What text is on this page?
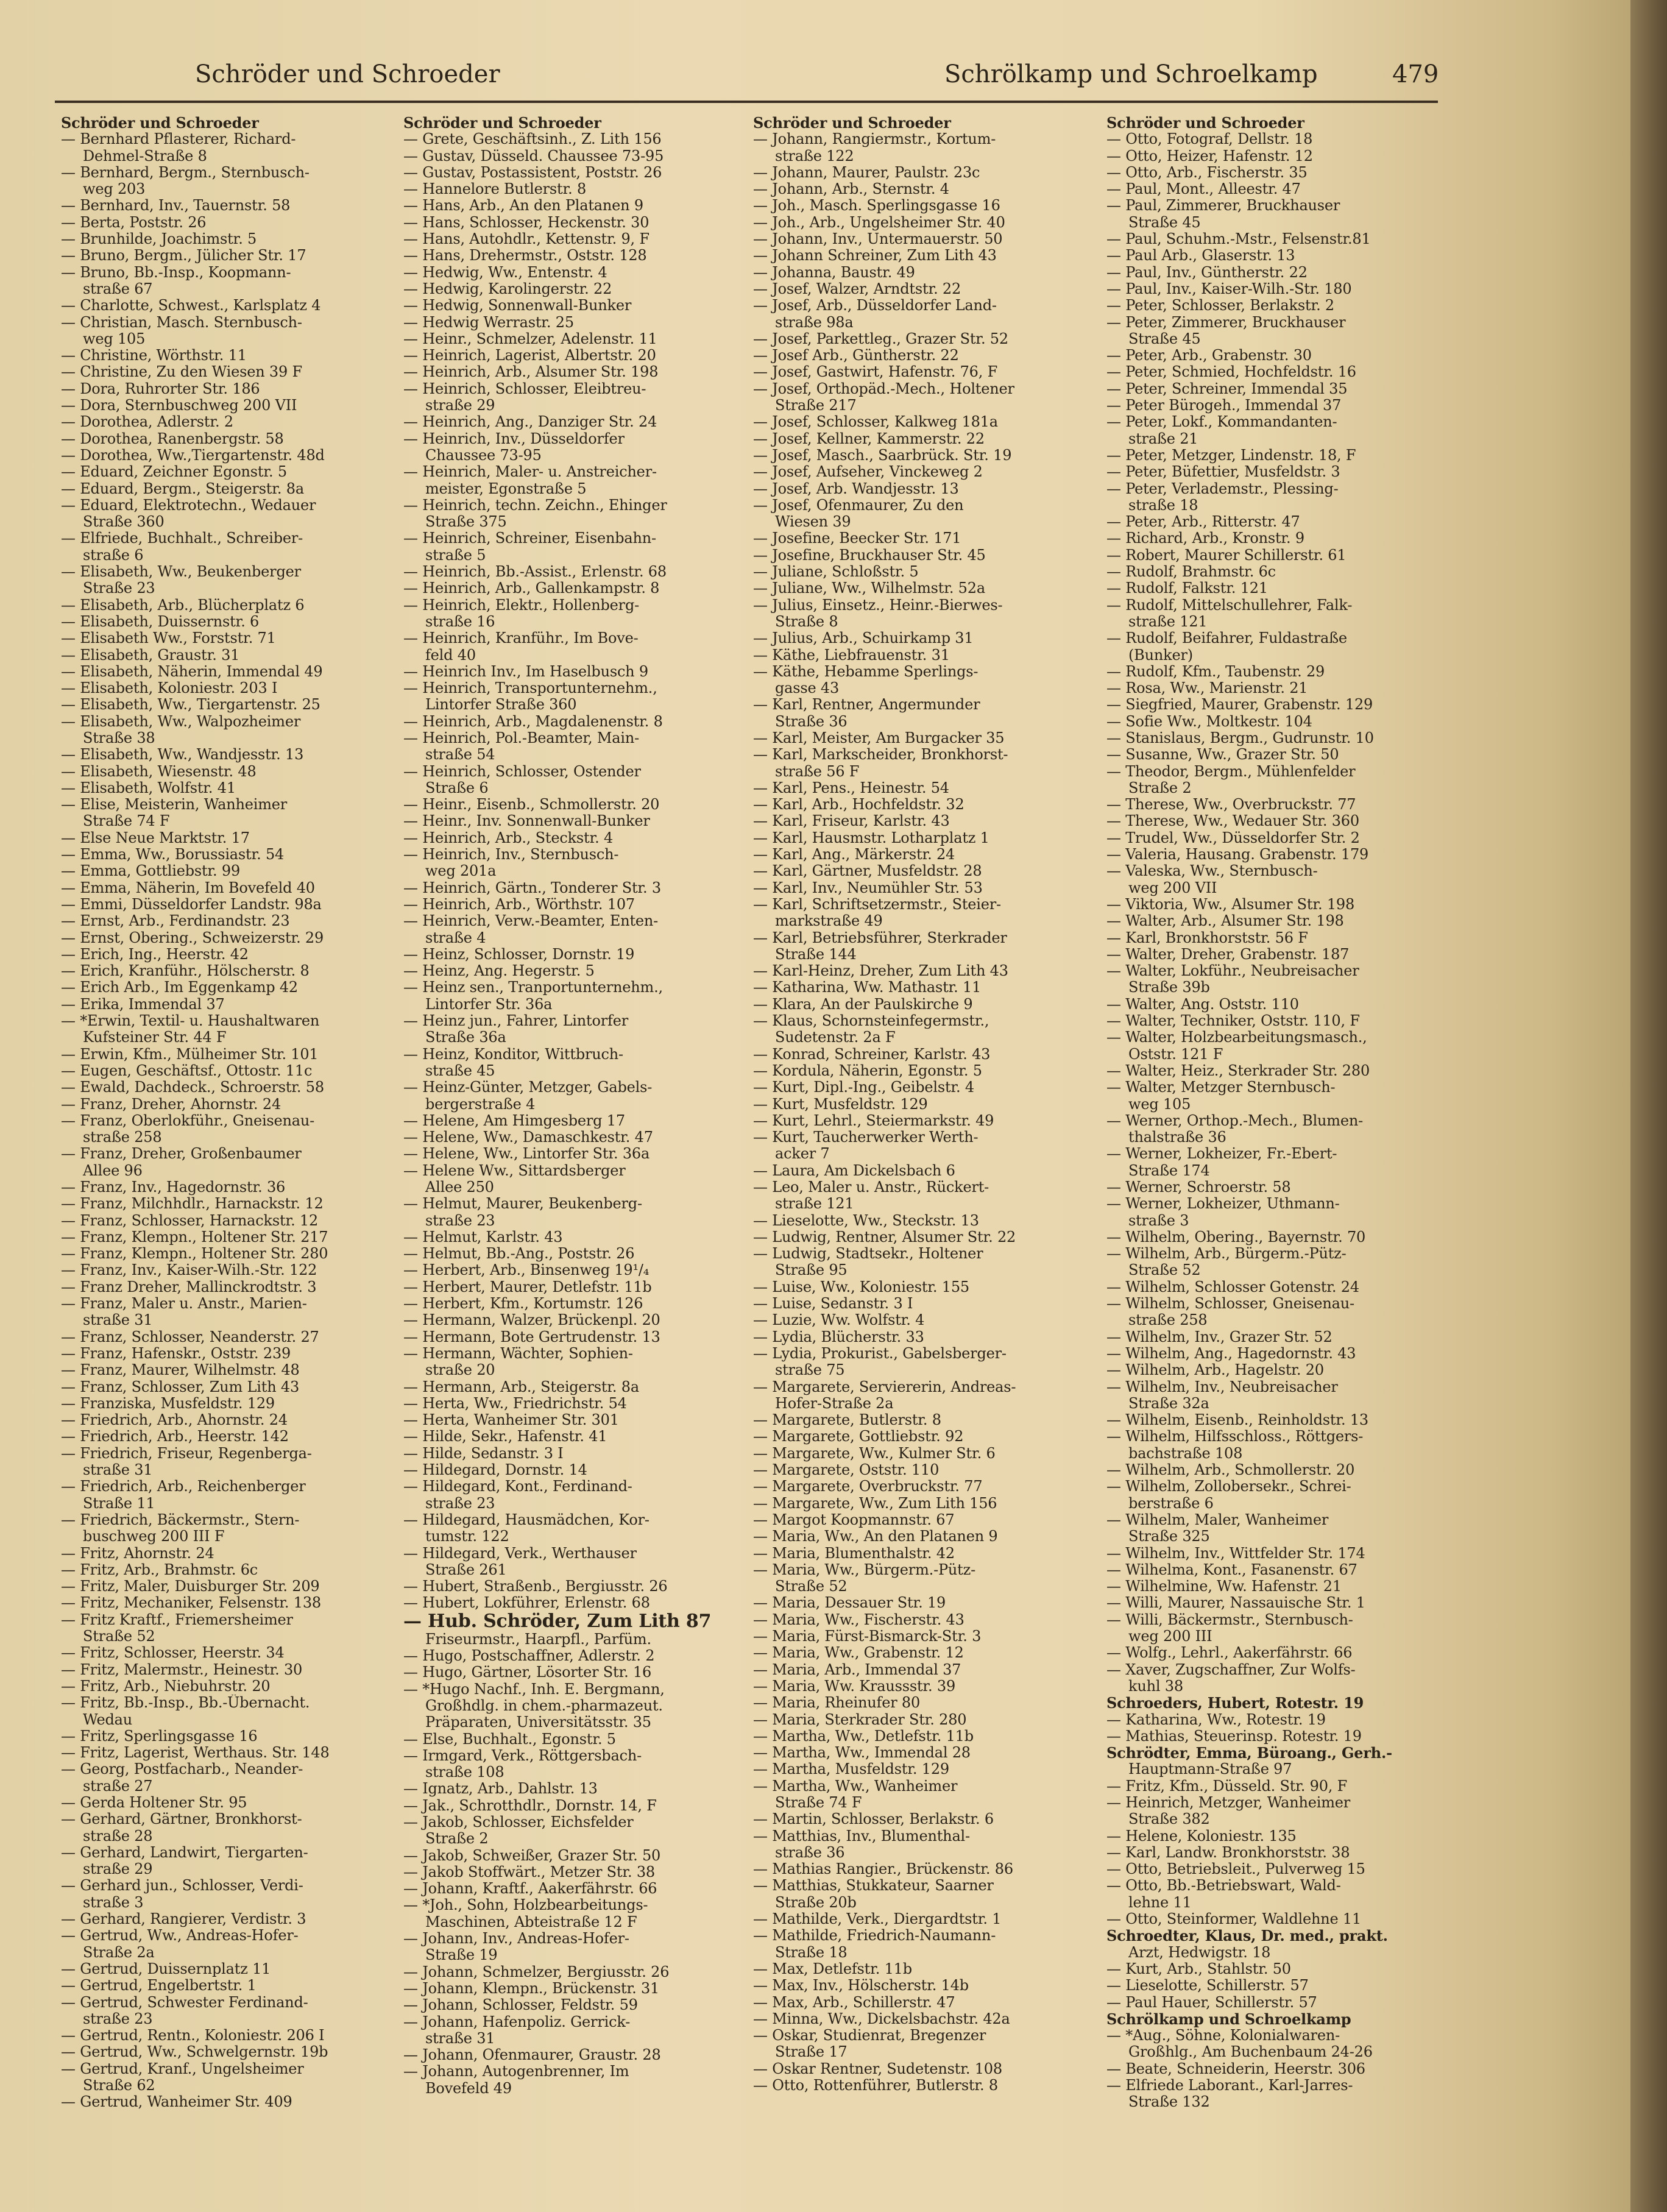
Schröder und Schroeder	Schrölkamp und Schroelkamp	479
Schröder und Schroeder
— Bernhard Pflasterer, Richard-
Dehmel-Straße 8
— Bernhard, Bergm., Sternbusch-
weg 203
— Bernhard, Inv., Tauernstr. 58
— Berta, Poststr. 26
— Brunhilde, Joachimstr. 5
— Bruno, Bergm., Jülicher Str. 17
— Bruno, Bb.-Insp., Koopmann-
straße 67
— Charlotte, Schwest., Karlsplatz 4
— Christian, Masch. Sternbusch-
weg 105
— Christine, Wörthstr. 11
— Christine, Zu den Wiesen 39 F
— Dora, Ruhrorter Str. 186
— Dora, Sternbuschweg 200 VII
— Dorothea, Adlerstr. 2
— Dorothea, Ranenbergstr. 58
— Dorothea, Ww.,Tiergartenstr. 48d
— Eduard, Zeichner Egonstr. 5
— Eduard, Bergm., Steigerstr. 8a
— Eduard, Elektrotechn., Wedauer
Straße 360
— Elfriede, Buchhalt., Schreiber-
straße 6
— Elisabeth, Ww., Beukenberger
Straße 23
— Elisabeth, Arb., Blücherplatz 6
— Elisabeth, Duissernstr. 6
— Elisabeth Ww., Forststr. 71
— Elisabeth, Graustr. 31
— Elisabeth, Näherin, Immendal 49
— Elisabeth, Koloniestr. 203 I
— Elisabeth, Ww., Tiergartenstr. 25
— Elisabeth, Ww., Walpozheimer
Straße 38
— Elisabeth, Ww., Wandjesstr. 13
— Elisabeth, Wiesenstr. 48
— Elisabeth, Wolfstr. 41
— Elise, Meisterin, Wanheimer
Straße 74 F
— Else Neue Marktstr. 17
— Emma, Ww., Borussiastr. 54
— Emma, Gottliebstr. 99
— Emma, Näherin, Im Bovefeld 40
— Emmi, Düsseldorfer Landstr. 98a
— Ernst, Arb., Ferdinandstr. 23
— Ernst, Obering., Schweizerstr. 29
— Erich, Ing., Heerstr. 42
— Erich, Kranführ., Hölscherstr. 8
— Erich Arb., Im Eggenkamp 42
— Erika, Immendal 37
— *Erwin, Textil- u. Haushaltwaren
Kufsteiner Str. 44 F
— Erwin, Kfm., Mülheimer Str. 101
— Eugen, Geschäftsf., Ottostr. 11c
— Ewald, Dachdeck., Schroerstr. 58
— Franz, Dreher, Ahornstr. 24
— Franz, Oberlokführ., Gneisenau-
straße 258
— Franz, Dreher, Großenbaumer
Allee 96
— Franz, Inv., Hagedornstr. 36
— Franz, Milchhdlr., Harnackstr. 12
— Franz, Schlosser, Harnackstr. 12
— Franz, Klempn., Holtener Str. 217
— Franz, Klempn., Holtener Str. 280
— Franz, Inv., Kaiser-Wilh.-Str. 122
— Franz Dreher, Mallinckrodtstr. 3
— Franz, Maler u. Anstr., Marien-
straße 31
— Franz, Schlosser, Neanderstr. 27
— Franz, Hafenskr., Oststr. 239
— Franz, Maurer, Wilhelmstr. 48
— Franz, Schlosser, Zum Lith 43
— Franziska, Musfeldstr. 129
— Friedrich, Arb., Ahornstr. 24
— Friedrich, Arb., Heerstr. 142
— Friedrich, Friseur, Regenberga-
straße 31
— Friedrich, Arb., Reichenberger
Straße 11
— Friedrich, Bäckermstr., Stern-
buschweg 200 III F
— Fritz, Ahornstr. 24
— Fritz, Arb., Brahmstr. 6c
— Fritz, Maler, Duisburger Str. 209
— Fritz, Mechaniker, Felsenstr. 138
— Fritz Kraftf., Friemersheimer
Straße 52
— Fritz, Schlosser, Heerstr. 34
— Fritz, Malermstr., Heinestr. 30
— Fritz, Arb., Niebuhrstr. 20
— Fritz, Bb.-Insp., Bb.-Übernacht.
Wedau
— Fritz, Sperlingsgasse 16
— Fritz, Lagerist, Werthaus. Str. 148
— Georg, Postfacharb., Neander-
straße 27
— Gerda Holtener Str. 95
— Gerhard, Gärtner, Bronkhorst-
straße 28
— Gerhard, Landwirt, Tiergarten-
straße 29
— Gerhard jun., Schlosser, Verdi-
straße 3
— Gerhard, Rangierer, Verdistr. 3
— Gertrud, Ww., Andreas-Hofer-
Straße 2a
— Gertrud, Duissernplatz 11
— Gertrud, Engelbertstr. 1
— Gertrud, Schwester Ferdinand-
straße 23
— Gertrud, Rentn., Koloniestr. 206 I
— Gertrud, Ww., Schwelgernstr. 19b
— Gertrud, Kranf., Ungelsheimer
Straße 62
— Gertrud, Wanheimer Str. 409
Schröder und Schroeder
— Grete, Geschäftsinh., Z. Lith 156
— Gustav, Düsseld. Chaussee 73-95
— Gustav, Postassistent, Poststr. 26
— Hannelore Butlerstr. 8
— Hans, Arb., An den Platanen 9
— Hans, Schlosser, Heckenstr. 30
— Hans, Autohdlr., Kettenstr. 9, F
— Hans, Drehermstr., Oststr. 128
— Hedwig, Ww., Entenstr. 4
— Hedwig, Karolingerstr. 22
— Hedwig, Sonnenwall-Bunker
— Hedwig Werrastr. 25
— Heinr., Schmelzer, Adelenstr. 11
— Heinrich, Lagerist, Albertstr. 20
— Heinrich, Arb., Alsumer Str. 198
— Heinrich, Schlosser, Eleibtreu-
straße 29
— Heinrich, Ang., Danziger Str. 24
— Heinrich, Inv., Düsseldorfer
Chaussee 73-95
— Heinrich, Maler- u. Anstreicher-
meister, Egonstraße 5
— Heinrich, techn. Zeichn., Ehinger
Straße 375
— Heinrich, Schreiner, Eisenbahn-
straße 5
— Heinrich, Bb.-Assist., Erlenstr. 68
— Heinrich, Arb., Gallenkampstr. 8
— Heinrich, Elektr., Hollenberg-
straße 16
— Heinrich, Kranführ., Im Bove-
feld 40
— Heinrich Inv., Im Haselbusch 9
— Heinrich, Transportunternehm.,
Lintorfer Straße 360
— Heinrich, Arb., Magdalenenstr. 8
— Heinrich, Pol.-Beamter, Main-
straße 54
— Heinrich, Schlosser, Ostender
Straße 6
— Heinr., Eisenb., Schmollerstr. 20
— Heinr., Inv. Sonnenwall-Bunker
— Heinrich, Arb., Steckstr. 4
— Heinrich, Inv., Sternbusch-
weg 201a
— Heinrich, Gärtn., Tonderer Str. 3
— Heinrich, Arb., Wörthstr. 107
— Heinrich, Verw.-Beamter, Enten-
straße 4
— Heinz, Schlosser, Dornstr. 19
— Heinz, Ang. Hegerstr. 5
— Heinz sen., Tranportunternehm.,
Lintorfer Str. 36a
— Heinz jun., Fahrer, Lintorfer
Straße 36a
— Heinz, Konditor, Wittbruch-
straße 45
— Heinz-Günter, Metzger, Gabels-
bergerstraße 4
— Helene, Am Himgesberg 17
— Helene, Ww., Damaschkestr. 47
— Helene, Ww., Lintorfer Str. 36a
— Helene Ww., Sittardsberger
Allee 250
— Helmut, Maurer, Beukenberg-
straße 23
— Helmut, Karlstr. 43
— Helmut, Bb.-Ang., Poststr. 26
— Herbert, Arb., Binsenweg 19¹/₄
— Herbert, Maurer, Detlefstr. 11b
— Herbert, Kfm., Kortumstr. 126
— Hermann, Walzer, Brückenpl. 20
— Hermann, Bote Gertrudenstr. 13
— Hermann, Wächter, Sophien-
straße 20
— Hermann, Arb., Steigerstr. 8a
— Herta, Ww., Friedrichstr. 54
— Herta, Wanheimer Str. 301
— Hilde, Sekr., Hafenstr. 41
— Hilde, Sedanstr. 3 I
— Hildegard, Dornstr. 14
— Hildegard, Kont., Ferdinand-
straße 23
— Hildegard, Hausmädchen, Kor-
tumstr. 122
— Hildegard, Verk., Werthauser
Straße 261
— Hubert, Straßenb., Bergiusstr. 26
— Hubert, Lokführer, Erlenstr. 68
— Hub. Schröder, Zum Lith 87
Friseurmstr., Haarpfl., Parfüm.
— Hugo, Postschaffner, Adlerstr. 2
— Hugo, Gärtner, Lösorter Str. 16
— *Hugo Nachf., Inh. E. Bergmann,
Großhdlg. in chem.-pharmazeut.
Präparaten, Universitätsstr. 35
— Else, Buchhalt., Egonstr. 5
— Irmgard, Verk., Röttgersbach-
straße 108
— Ignatz, Arb., Dahlstr. 13
— Jak., Schrotthdlr., Dornstr. 14, F
— Jakob, Schlosser, Eichsfelder
Straße 2
— Jakob, Schweißer, Grazer Str. 50
— Jakob Stoffwärt., Metzer Str. 38
— Johann, Kraftf., Aakerfährstr. 66
— *Joh., Sohn, Holzbearbeitungs-
Maschinen, Abteistraße 12 F
— Johann, Inv., Andreas-Hofer-
Straße 19
— Johann, Schmelzer, Bergiusstr. 26
— Johann, Klempn., Brückenstr. 31
— Johann, Schlosser, Feldstr. 59
— Johann, Hafenpoliz. Gerrick-
straße 31
— Johann, Ofenmaurer, Graustr. 28
— Johann, Autogenbrenner, Im
Bovefeld 49
Schröder und Schroeder
— Johann, Rangiermstr., Kortum-
straße 122
— Johann, Maurer, Paulstr. 23c
— Johann, Arb., Sternstr. 4
— Joh., Masch. Sperlingsgasse 16
— Joh., Arb., Ungelsheimer Str. 40
— Johann, Inv., Untermauerstr. 50
— Johann Schreiner, Zum Lith 43
— Johanna, Baustr. 49
— Josef, Walzer, Arndtstr. 22
— Josef, Arb., Düsseldorfer Land-
straße 98a
— Josef, Parkettleg., Grazer Str. 52
— Josef Arb., Güntherstr. 22
— Josef, Gastwirt, Hafenstr. 76, F
— Josef, Orthopäd.-Mech., Holtener
Straße 217
— Josef, Schlosser, Kalkweg 181a
— Josef, Kellner, Kammerstr. 22
— Josef, Masch., Saarbrück. Str. 19
— Josef, Aufseher, Vinckeweg 2
— Josef, Arb. Wandjesstr. 13
— Josef, Ofenmaurer, Zu den
Wiesen 39
— Josefine, Beecker Str. 171
— Josefine, Bruckhauser Str. 45
— Juliane, Schloßstr. 5
— Juliane, Ww., Wilhelmstr. 52a
— Julius, Einsetz., Heinr.-Bierwes-
Straße 8
— Julius, Arb., Schuirkamp 31
— Käthe, Liebfrauenstr. 31
— Käthe, Hebamme Sperlings-
gasse 43
— Karl, Rentner, Angermunder
Straße 36
— Karl, Meister, Am Burgacker 35
— Karl, Markscheider, Bronkhorst-
straße 56 F
— Karl, Pens., Heinestr. 54
— Karl, Arb., Hochfeldstr. 32
— Karl, Friseur, Karlstr. 43
— Karl, Hausmstr. Lotharplatz 1
— Karl, Ang., Märkerstr. 24
— Karl, Gärtner, Musfeldstr. 28
— Karl, Inv., Neumühler Str. 53
— Karl, Schriftsetzermstr., Steier-
markstraße 49
— Karl, Betriebsführer, Sterkrader
Straße 144
— Karl-Heinz, Dreher, Zum Lith 43
— Katharina, Ww. Mathastr. 11
— Klara, An der Paulskirche 9
— Klaus, Schornsteinfegermstr.,
Sudetenstr. 2a F
— Konrad, Schreiner, Karlstr. 43
— Kordula, Näherin, Egonstr. 5
— Kurt, Dipl.-Ing., Geibelstr. 4
— Kurt, Musfeldstr. 129
— Kurt, Lehrl., Steiermarkstr. 49
— Kurt, Taucherwerker Werth-
acker 7
— Laura, Am Dickelsbach 6
— Leo, Maler u. Anstr., Rückert-
straße 121
— Lieselotte, Ww., Steckstr. 13
— Ludwig, Rentner, Alsumer Str. 22
— Ludwig, Stadtsekr., Holtener
Straße 95
— Luise, Ww., Koloniestr. 155
— Luise, Sedanstr. 3 I
— Luzie, Ww. Wolfstr. 4
— Lydia, Blücherstr. 33
— Lydia, Prokurist., Gabelsberger-
straße 75
— Margarete, Serviererin, Andreas-
Hofer-Straße 2a
— Margarete, Butlerstr. 8
— Margarete, Gottliebstr. 92
— Margarete, Ww., Kulmer Str. 6
— Margarete, Oststr. 110
— Margarete, Overbruckstr. 77
— Margarete, Ww., Zum Lith 156
— Margot Koopmannstr. 67
— Maria, Ww., An den Platanen 9
— Maria, Blumenthalstr. 42
— Maria, Ww., Bürgerm.-Pütz-
Straße 52
— Maria, Dessauer Str. 19
— Maria, Ww., Fischerstr. 43
— Maria, Fürst-Bismarck-Str. 3
— Maria, Ww., Grabenstr. 12
— Maria, Arb., Immendal 37
— Maria, Ww. Kraussstr. 39
— Maria, Rheinufer 80
— Maria, Sterkrader Str. 280
— Martha, Ww., Detlefstr. 11b
— Martha, Ww., Immendal 28
— Martha, Musfeldstr. 129
— Martha, Ww., Wanheimer
Straße 74 F
— Martin, Schlosser, Berlakstr. 6
— Matthias, Inv., Blumenthal-
straße 36
— Mathias Rangier., Brückenstr. 86
— Matthias, Stukkateur, Saarner
Straße 20b
— Mathilde, Verk., Diergardtstr. 1
— Mathilde, Friedrich-Naumann-
Straße 18
— Max, Detlefstr. 11b
— Max, Inv., Hölscherstr. 14b
— Max, Arb., Schillerstr. 47
— Minna, Ww., Dickelsbachstr. 42a
— Oskar, Studienrat, Bregenzer
Straße 17
— Oskar Rentner, Sudetenstr. 108
— Otto, Rottenführer, Butlerstr. 8
Schröder und Schroeder
— Otto, Fotograf, Dellstr. 18
— Otto, Heizer, Hafenstr. 12
— Otto, Arb., Fischerstr. 35
— Paul, Mont., Alleestr. 47
— Paul, Zimmerer, Bruckhauser
Straße 45
— Paul, Schuhm.-Mstr., Felsenstr.81
— Paul Arb., Glaserstr. 13
— Paul, Inv., Güntherstr. 22
— Paul, Inv., Kaiser-Wilh.-Str. 180
— Peter, Schlosser, Berlakstr. 2
— Peter, Zimmerer, Bruckhauser
Straße 45
— Peter, Arb., Grabenstr. 30
— Peter, Schmied, Hochfeldstr. 16
— Peter, Schreiner, Immendal 35
— Peter Bürogeh., Immendal 37
— Peter, Lokf., Kommandanten-
straße 21
— Peter, Metzger, Lindenstr. 18, F
— Peter, Büfettier, Musfeldstr. 3
— Peter, Verlademstr., Plessing-
straße 18
— Peter, Arb., Ritterstr. 47
— Richard, Arb., Kronstr. 9
— Robert, Maurer Schillerstr. 61
— Rudolf, Brahmstr. 6c
— Rudolf, Falkstr. 121
— Rudolf, Mittelschullehrer, Falk-
straße 121
— Rudolf, Beifahrer, Fuldastraße
(Bunker)
— Rudolf, Kfm., Taubenstr. 29
— Rosa, Ww., Marienstr. 21
— Siegfried, Maurer, Grabenstr. 129
— Sofie Ww., Moltkestr. 104
— Stanislaus, Bergm., Gudrunstr. 10
— Susanne, Ww., Grazer Str. 50
— Theodor, Bergm., Mühlenfelder
Straße 2
— Therese, Ww., Overbruckstr. 77
— Therese, Ww., Wedauer Str. 360
— Trudel, Ww., Düsseldorfer Str. 2
— Valeria, Hausang. Grabenstr. 179
— Valeska, Ww., Sternbusch-
weg 200 VII
— Viktoria, Ww., Alsumer Str. 198
— Walter, Arb., Alsumer Str. 198
— Karl, Bronkhorststr. 56 F
— Walter, Dreher, Grabenstr. 187
— Walter, Lokführ., Neubreisacher
Straße 39b
— Walter, Ang. Oststr. 110
— Walter, Techniker, Oststr. 110, F
— Walter, Holzbearbeitungsmasch.,
Oststr. 121 F
— Walter, Heiz., Sterkrader Str. 280
— Walter, Metzger Sternbusch-
weg 105
— Werner, Orthop.-Mech., Blumen-
thalstraße 36
— Werner, Lokheizer, Fr.-Ebert-
Straße 174
— Werner, Schroerstr. 58
— Werner, Lokheizer, Uthmann-
straße 3
— Wilhelm, Obering., Bayernstr. 70
— Wilhelm, Arb., Bürgerm.-Pütz-
Straße 52
— Wilhelm, Schlosser Gotenstr. 24
— Wilhelm, Schlosser, Gneisenau-
straße 258
— Wilhelm, Inv., Grazer Str. 52
— Wilhelm, Ang., Hagedornstr. 43
— Wilhelm, Arb., Hagelstr. 20
— Wilhelm, Inv., Neubreisacher
Straße 32a
— Wilhelm, Eisenb., Reinholdstr. 13
— Wilhelm, Hilfsschloss., Röttgers-
bachstraße 108
— Wilhelm, Arb., Schmollerstr. 20
— Wilhelm, Zollobersekr., Schrei-
berstraße 6
— Wilhelm, Maler, Wanheimer
Straße 325
— Wilhelm, Inv., Wittfelder Str. 174
— Wilhelma, Kont., Fasanenstr. 67
— Wilhelmine, Ww. Hafenstr. 21
— Willi, Maurer, Nassauische Str. 1
— Willi, Bäckermstr., Sternbusch-
weg 200 III
— Wolfg., Lehrl., Aakerfährstr. 66
— Xaver, Zugschaffner, Zur Wolfs-
kuhl 38
Schroeders, Hubert, Rotestr. 19
— Katharina, Ww., Rotestr. 19
— Mathias, Steuerinsp. Rotestr. 19
Schrödter, Emma, Büroang., Gerh.-
Hauptmann-Straße 97
— Fritz, Kfm., Düsseld. Str. 90, F
— Heinrich, Metzger, Wanheimer
Straße 382
— Helene, Koloniestr. 135
— Karl, Landw. Bronkhorststr. 38
— Otto, Betriebsleit., Pulverweg 15
— Otto, Bb.-Betriebswart, Wald-
lehne 11
— Otto, Steinformer, Waldlehne 11
Schroedter, Klaus, Dr. med., prakt.
Arzt, Hedwigstr. 18
— Kurt, Arb., Stahlstr. 50
— Lieselotte, Schillerstr. 57
— Paul Hauer, Schillerstr. 57
Schrölkamp und Schroelkamp
— *Aug., Söhne, Kolonialwaren-
Großhlg., Am Buchenbaum 24-26
— Beate, Schneiderin, Heerstr. 306
— Elfriede Laborant., Karl-Jarres-
Straße 132
